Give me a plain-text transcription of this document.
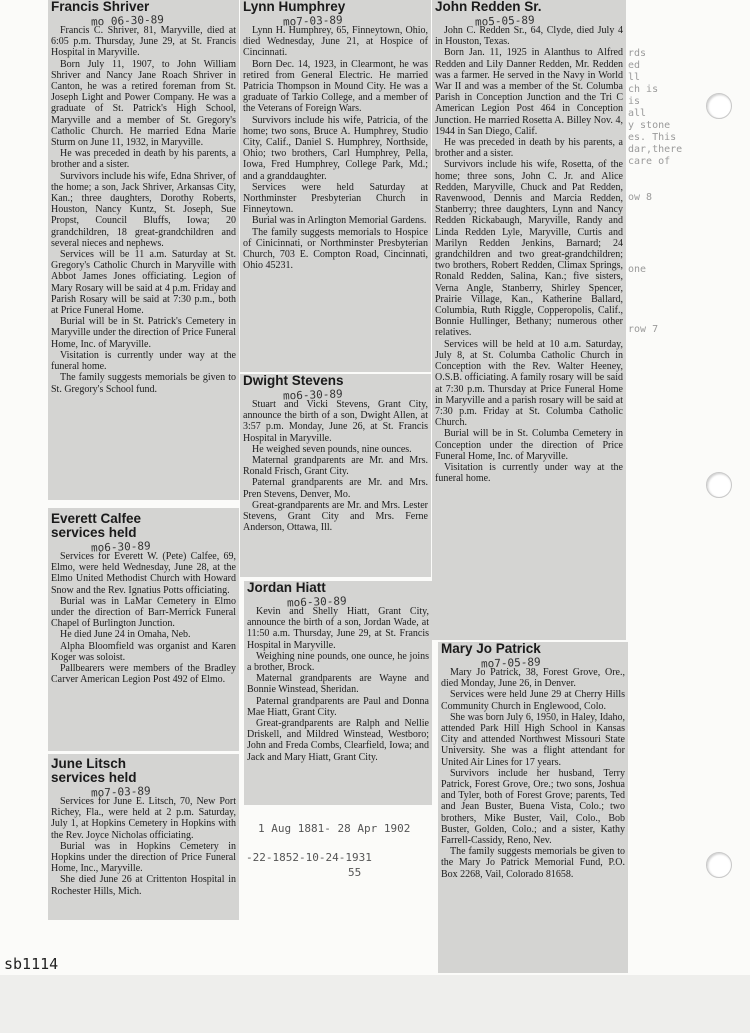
rds
ed
ll
ch is
is
all
y stone
es. This
dar,there
care of

ow 8

one

row 7
Francis Shriver
mo 06-30-89

Francis C. Shriver, 81, Maryville, died at 6:05 p.m. Thursday, June 29, at St. Francis Hospital in Maryville.

Born July 11, 1907, to John William Shriver and Nancy Jane Roach Shriver in Canton, he was a retired foreman from St. Joseph Light and Power Company. He was a graduate of St. Patrick's High School, Maryville and a member of St. Gregory's Catholic Church. He married Edna Marie Sturm on June 11, 1932, in Maryville.

He was preceded in death by his parents, a brother and a sister.

Survivors include his wife, Edna Shriver, of the home; a son, Jack Shriver, Arkansas City, Kan.; three daughters, Dorothy Roberts, Houston, Nancy Kuntz, St. Joseph, Sue Propst, Council Bluffs, Iowa; 20 grandchildren, 18 great-grandchildren and several nieces and nephews.

Services will be 11 a.m. Saturday at St. Gregory's Catholic Church in Maryville with Abbot James Jones officiating. Legion of Mary Rosary will be said at 4 p.m. Friday and Parish Rosary will be said at 7:30 p.m., both at Price Funeral Home.

Burial will be in St. Patrick's Cemetery in Maryville under the direction of Price Funeral Home, Inc. of Maryville.

Visitation is currently under way at the funeral home.

The family suggests memorials be given to St. Gregory's School fund.

Everett Calfee services held
mo6-30-89

Services for Everett W. (Pete) Calfee, 69, Elmo, were held Wednesday, June 28, at the Elmo United Methodist Church with Howard Snow and the Rev. Ignatius Potts officiating.

Burial was in LaMar Cemetery in Elmo under the direction of Barr-Merrick Funeral Chapel of Burlington Junction.

He died June 24 in Omaha, Neb.

Alpha Bloomfield was organist and Karen Koger was soloist.

Pallbearers were members of the Bradley Carver American Legion Post 492 of Elmo.

June Litsch services held
mo7-03-89

Services for June E. Litsch, 70, New Port Richey, Fla., were held at 2 p.m. Saturday, July 1, at Hopkins Cemetery in Hopkins with the Rev. Joyce Nicholas officiating.

Burial was in Hopkins Cemetery in Hopkins under the direction of Price Funeral Home, Inc., Maryville.

She died June 26 at Crittenton Hospital in Rochester Hills, Mich.

Lynn Humphrey
mo7-03-89

Lynn H. Humphrey, 65, Finneytown, Ohio, died Wednesday, June 21, at Hospice of Cincinnati.

Born Dec. 14, 1923, in Clearmont, he was retired from General Electric. He married Patricia Thompson in Mound City. He was a graduate of Tarkio College, and a member of the Veterans of Foreign Wars.

Survivors include his wife, Patricia, of the home; two sons, Bruce A. Humphrey, Studio City, Calif., Daniel S. Humphrey, Northside, Ohio; two brothers, Carl Humphrey, Pella, Iowa, Fred Humphrey, College Park, Md.; and a granddaughter.

Services were held Saturday at Northminster Presbyterian Church in Finneytown.

Burial was in Arlington Memorial Gardens.

The family suggests memorials to Hospice of Cinicinnati, or Northminster Presbyterian Church, 703 E. Compton Road, Cincinnati, Ohio 45231.

Dwight Stevens
mo6-30-89

Stuart and Vicki Stevens, Grant City, announce the birth of a son, Dwight Allen, at 3:57 p.m. Monday, June 26, at St. Francis Hospital in Maryville.

He weighed seven pounds, nine ounces.

Maternal grandparents are Mr. and Mrs. Ronald Frisch, Grant City.

Paternal grandparents are Mr. and Mrs. Pren Stevens, Denver, Mo.

Great-grandparents are Mr. and Mrs. Lester Stevens, Grant City and Mrs. Ferne Anderson, Ottawa, Ill.

Jordan Hiatt
mo6-30-89

Kevin and Shelly Hiatt, Grant City, announce the birth of a son, Jordan Wade, at 11:50 a.m. Thursday, June 29, at St. Francis Hospital in Maryville.

Weighing nine pounds, one ounce, he joins a brother, Brock.

Maternal grandparents are Wayne and Bonnie Winstead, Sheridan.

Paternal grandparents are Paul and Donna Mae Hiatt, Grant City.

Great-grandparents are Ralph and Nellie Driskell, and Mildred Winstead, Westboro; John and Freda Combs, Clearfield, Iowa; and Jack and Mary Hiatt, Grant City.

1 Aug 1881- 28 Apr 1902
-22-1852-10-24-1931
55
John Redden Sr.
mo5-05-89

John C. Redden Sr., 64, Clyde, died July 4 in Houston, Texas.

Born Jan. 11, 1925 in Alanthus to Alfred Redden and Lily Danner Redden, Mr. Redden was a farmer. He served in the Navy in World War II and was a member of the St. Columba Parish in Conception Junction and the Tri C American Legion Post 464 in Conception Junction. He married Rosetta A. Billey Nov. 4, 1944 in San Diego, Calif.

He was preceded in death by his parents, a brother and a sister.

Survivors include his wife, Rosetta, of the home; three sons, John C. Jr. and Alice Redden, Maryville, Chuck and Pat Redden, Ravenwood, Dennis and Marcia Redden, Stanberry; three daughters, Lynn and Nancy Redden Rickabaugh, Maryville, Randy and Linda Redden Lyle, Maryville, Curtis and Marilyn Redden Jenkins, Barnard; 24 grandchildren and two great-grandchildren; two brothers, Robert Redden, Climax Springs, Ronald Redden, Salina, Kan.; five sisters, Verna Angle, Stanberry, Shirley Spencer, Prairie Village, Kan., Katherine Ballard, Columbia, Ruth Riggle, Copperopolis, Calif., Bonnie Hullinger, Bethany; numerous other relatives.

Services will be held at 10 a.m. Saturday, July 8, at St. Columba Catholic Church in Conception with the Rev. Walter Heeney, O.S.B. officiating. A family rosary will be said at 7:30 p.m. Thursday at Price Funeral Home in Maryville and a parish rosary will be said at 7:30 p.m. Friday at St. Columba Catholic Church.

Burial will be in St. Columba Cemetery in Conception under the direction of Price Funeral Home, Inc. of Maryville.

Visitation is currently under way at the funeral home.

Mary Jo Patrick
mo7-05-89

Mary Jo Patrick, 38, Forest Grove, Ore., died Monday, June 26, in Denver.

Services were held June 29 at Cherry Hills Community Church in Englewood, Colo.

She was born July 6, 1950, in Haley, Idaho, attended Park Hill High School in Kansas City and attended Northwest Missouri State University. She was a flight attendant for United Air Lines for 17 years.

Survivors include her husband, Terry Patrick, Forest Grove, Ore.; two sons, Joshua and Tyler, both of Forest Grove; parents, Ted and Jean Buster, Buena Vista, Colo.; two brothers, Mike Buster, Vail, Colo., Bob Buster, Golden, Colo.; and a sister, Kathy Farrell-Cassidy, Reno, Nev.

The family suggests memorials be given to the Mary Jo Patrick Memorial Fund, P.O. Box 2268, Vail, Colorado 81658.

sb1114
